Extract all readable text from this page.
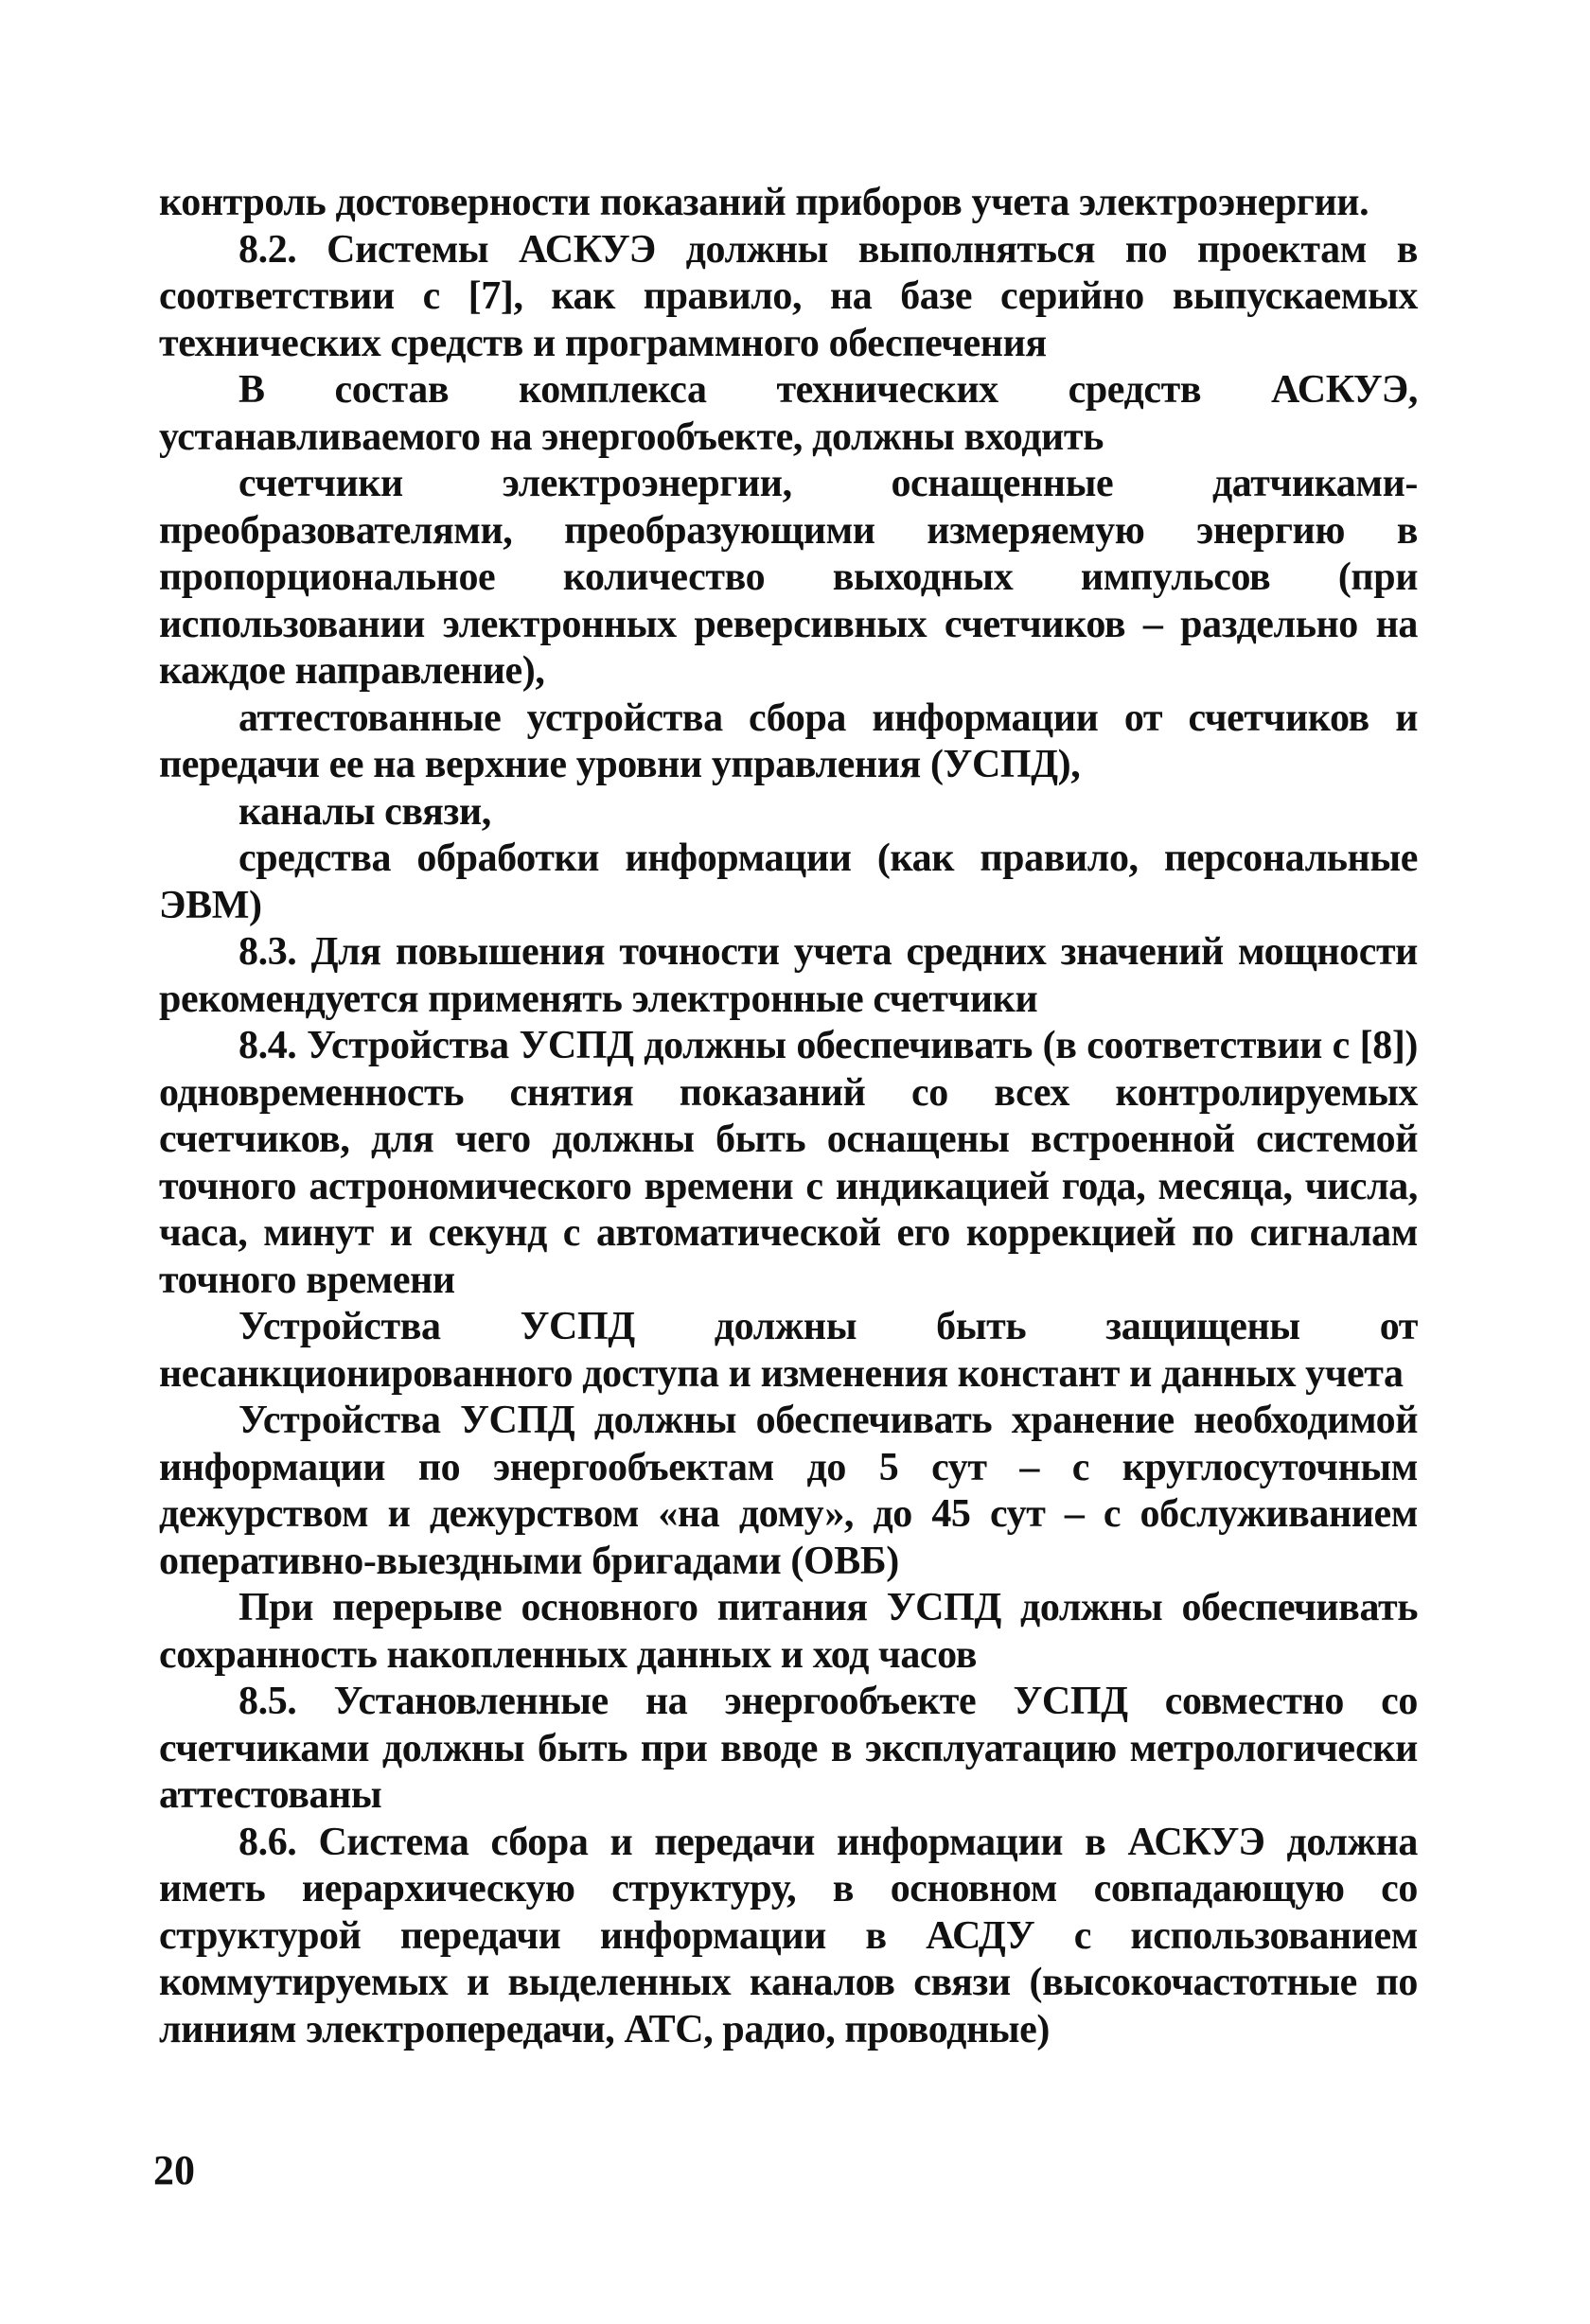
контроль достоверности показаний приборов учета электроэнергии.

8.2. Системы АСКУЭ должны выполняться по проектам в соответствии с [7], как правило, на базе серийно выпускаемых технических средств и программного обеспечения

В состав комплекса технических средств АСКУЭ, устанавливаемого на энергообъекте, должны входить

счетчики электроэнергии, оснащенные датчиками-преобразователями, преобразующими измеряемую энергию в пропорциональное количество выходных импульсов (при использовании электронных реверсивных счетчиков – раздельно на каждое направление),

аттестованные устройства сбора информации от счетчиков и передачи ее на верхние уровни управления (УСПД),

каналы связи,

средства обработки информации (как правило, персональные ЭВМ)

8.3. Для повышения точности учета средних значений мощности рекомендуется применять электронные счетчики

8.4. Устройства УСПД должны обеспечивать (в соответствии с [8]) одновременность снятия показаний со всех контролируемых счетчиков, для чего должны быть оснащены встроенной системой точного астрономического времени с индикацией года, месяца, числа, часа, минут и секунд с автоматической его коррекцией по сигналам точного времени

Устройства УСПД должны быть защищены от несанкционированного доступа и изменения констант и данных учета

Устройства УСПД должны обеспечивать хранение необходимой информации по энергообъектам до 5 сут – с круглосуточным дежурством и дежурством «на дому», до 45 сут – с обслуживанием оперативно-выездными бригадами (ОВБ)

При перерыве основного питания УСПД должны обеспечивать сохранность накопленных данных и ход часов

8.5. Установленные на энергообъекте УСПД совместно со счетчиками должны быть при вводе в эксплуатацию метрологически аттестованы

8.6. Система сбора и передачи информации в АСКУЭ должна иметь иерархическую структуру, в основном совпадающую со структурой передачи информации в АСДУ с использованием коммутируемых и выделенных каналов связи (высокочастотные по линиям электропередачи, АТС, радио, проводные)

20
